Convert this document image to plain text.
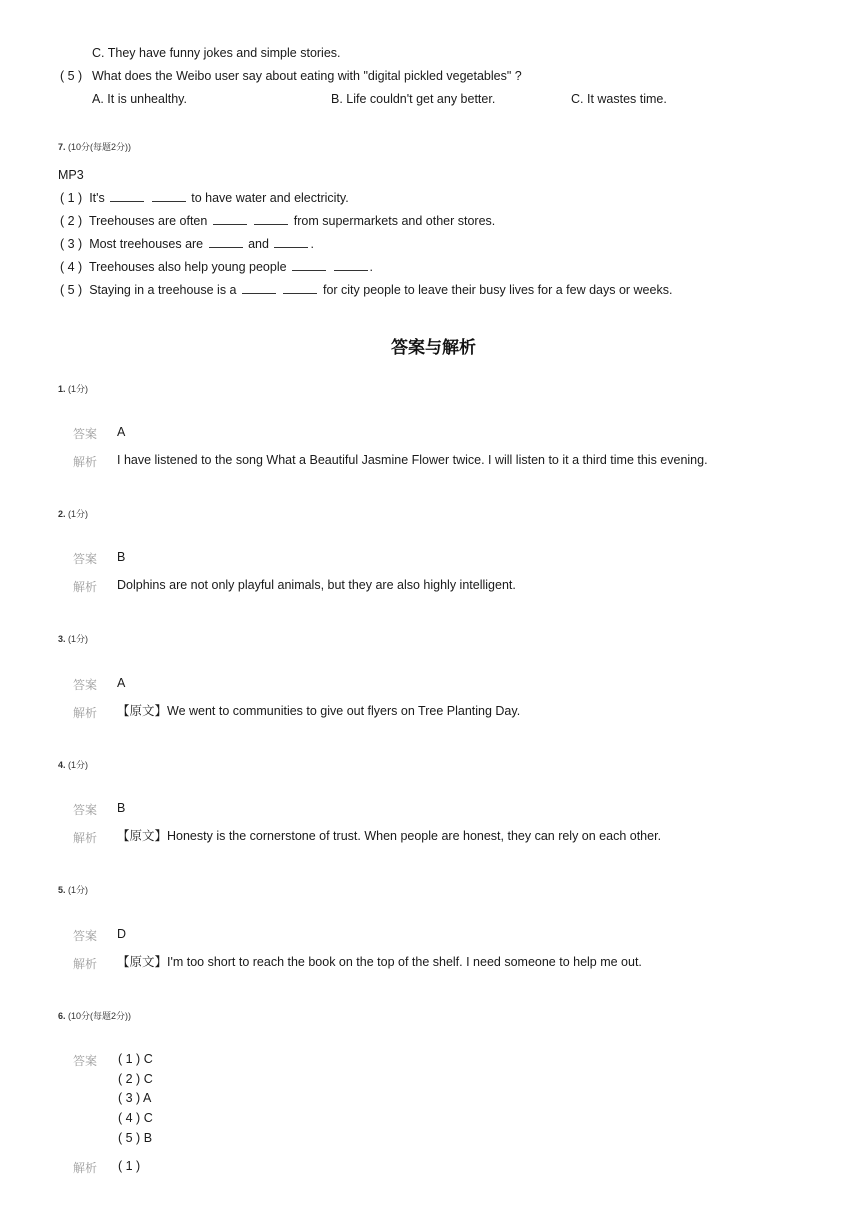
C. They have funny jokes and simple stories.
( 5 ) What does the Weibo user say about eating with "digital pickled vegetables" ?
A. It is unhealthy.	B. Life couldn't get any better.	C. It wastes time.
7. (10分(每题2分))
MP3
( 1 ) It's	to have water and electricity.
( 2 ) Treehouses are often	from supermarkets and other stores.
( 3 ) Most treehouses are	and	.
( 4 ) Treehouses also help young people	.
( 5 ) Staying in a treehouse is a	for city people to leave their busy lives for a few days or weeks.
答案与解析
1. (1分)
答案 A
解析 I have listened to the song What a Beautiful Jasmine Flower twice. I will listen to it a third time this evening.
2. (1分)
答案 B
解析 Dolphins are not only playful animals, but they are also highly intelligent.
3. (1分)
答案 A
解析 【原文】We went to communities to give out flyers on Tree Planting Day.
4. (1分)
答案 B
解析 【原文】Honesty is the cornerstone of trust. When people are honest, they can rely on each other.
5. (1分)
答案 D
解析 【原文】I'm too short to reach the book on the top of the shelf. I need someone to help me out.
6. (10分(每题2分))
答案 ( 1 ) C
( 2 ) C
( 3 ) A
( 4 ) C
( 5 ) B
解析 ( 1 )
